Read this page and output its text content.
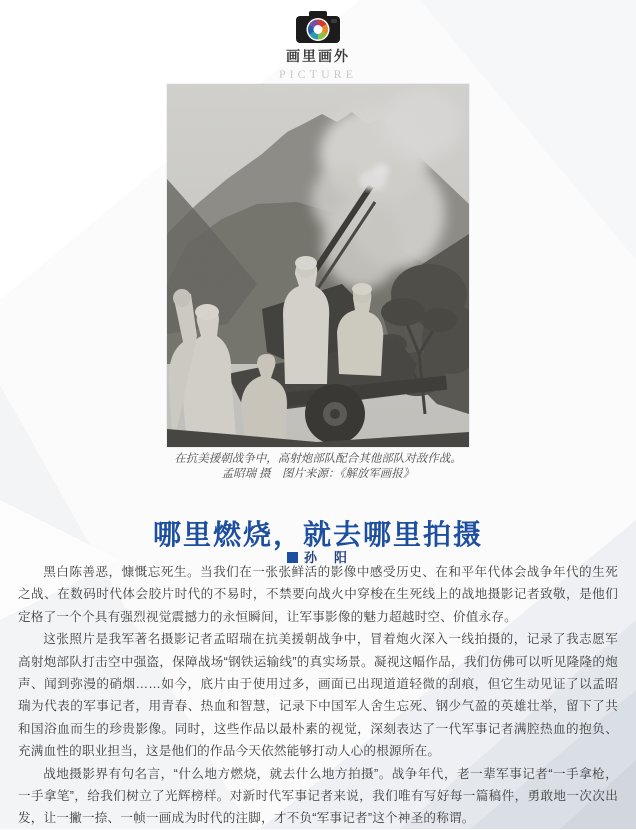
画里画外
PICTURE
在抗美援朝战争中，高射炮部队配合其他部队对敌作战。
孟昭瑞 摄　图片来源：《解放军画报》
哪里燃烧，就去哪里拍摄
孙　阳

黑白陈善恶，慷慨忘死生。当我们在一张张鲜活的影像中感受历史、在和平年代体会战争年代的生死之战、在数码时代体会胶片时代的不易时，不禁要向战火中穿梭在生死线上的战地摄影记者致敬，是他们定格了一个个具有强烈视觉震撼力的永恒瞬间，让军事影像的魅力超越时空、价值永存。

这张照片是我军著名摄影记者孟昭瑞在抗美援朝战争中，冒着炮火深入一线拍摄的，记录了我志愿军高射炮部队打击空中强盗，保障战场“钢铁运输线”的真实场景。凝视这幅作品，我们仿佛可以听见隆隆的炮声、闻到弥漫的硝烟……如今，底片由于使用过多，画面已出现道道轻微的刮痕，但它生动见证了以孟昭瑞为代表的军事记者，用青春、热血和智慧，记录下中国军人舍生忘死、钢少气盈的英雄壮举，留下了共和国浴血而生的珍贵影像。同时，这些作品以最朴素的视觉，深刻表达了一代军事记者满腔热血的抱负、充满血性的职业担当，这是他们的作品今天依然能够打动人心的根源所在。

战地摄影界有句名言，“什么地方燃烧，就去什么地方拍摄”。战争年代，老一辈军事记者“一手拿枪，一手拿笔”，给我们树立了光辉榜样。对新时代军事记者来说，我们唯有写好每一篇稿件，勇敢地一次次出发，让一撇一捺、一帧一画成为时代的注脚，才不负“军事记者”这个神圣的称谓。
